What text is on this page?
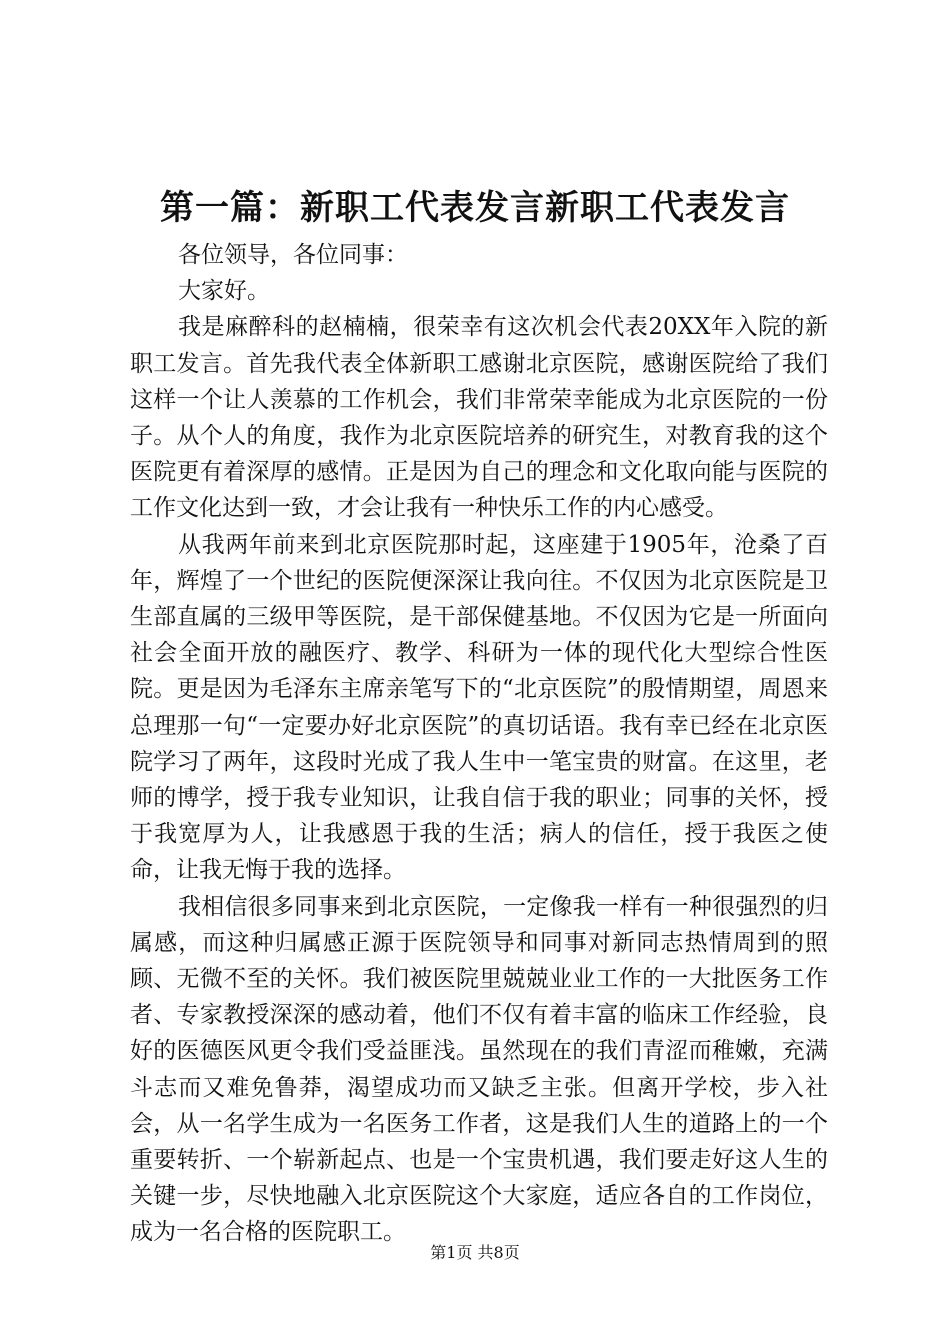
第一篇：新职工代表发言新职工代表发言

各位领导，各位同事：

大家好。

我是麻醉科的赵楠楠，很荣幸有这次机会代表20XX年入院的新职工发言。首先我代表全体新职工感谢北京医院，感谢医院给了我们这样一个让人羡慕的工作机会，我们非常荣幸能成为北京医院的一份子。从个人的角度，我作为北京医院培养的研究生，对教育我的这个医院更有着深厚的感情。正是因为自己的理念和文化取向能与医院的工作文化达到一致，才会让我有一种快乐工作的内心感受。

从我两年前来到北京医院那时起，这座建于1905年，沧桑了百年，辉煌了一个世纪的医院便深深让我向往。不仅因为北京医院是卫生部直属的三级甲等医院，是干部保健基地。不仅因为它是一所面向社会全面开放的融医疗、教学、科研为一体的现代化大型综合性医院。更是因为毛泽东主席亲笔写下的“北京医院”的殷情期望，周恩来总理那一句“一定要办好北京医院”的真切话语。我有幸已经在北京医院学习了两年，这段时光成了我人生中一笔宝贵的财富。在这里，老师的博学，授于我专业知识，让我自信于我的职业；同事的关怀，授于我宽厚为人，让我感恩于我的生活；病人的信任，授于我医之使命，让我无悔于我的选择。

我相信很多同事来到北京医院，一定像我一样有一种很强烈的归属感，而这种归属感正源于医院领导和同事对新同志热情周到的照顾、无微不至的关怀。我们被医院里兢兢业业工作的一大批医务工作者、专家教授深深的感动着，他们不仅有着丰富的临床工作经验，良好的医德医风更令我们受益匪浅。虽然现在的我们青涩而稚嫩，充满斗志而又难免鲁莽，渴望成功而又缺乏主张。但离开学校，步入社会，从一名学生成为一名医务工作者，这是我们人生的道路上的一个重要转折、一个崭新起点、也是一个宝贵机遇，我们要走好这人生的关键一步，尽快地融入北京医院这个大家庭，适应各自的工作岗位，成为一名合格的医院职工。

第1页 共8页
